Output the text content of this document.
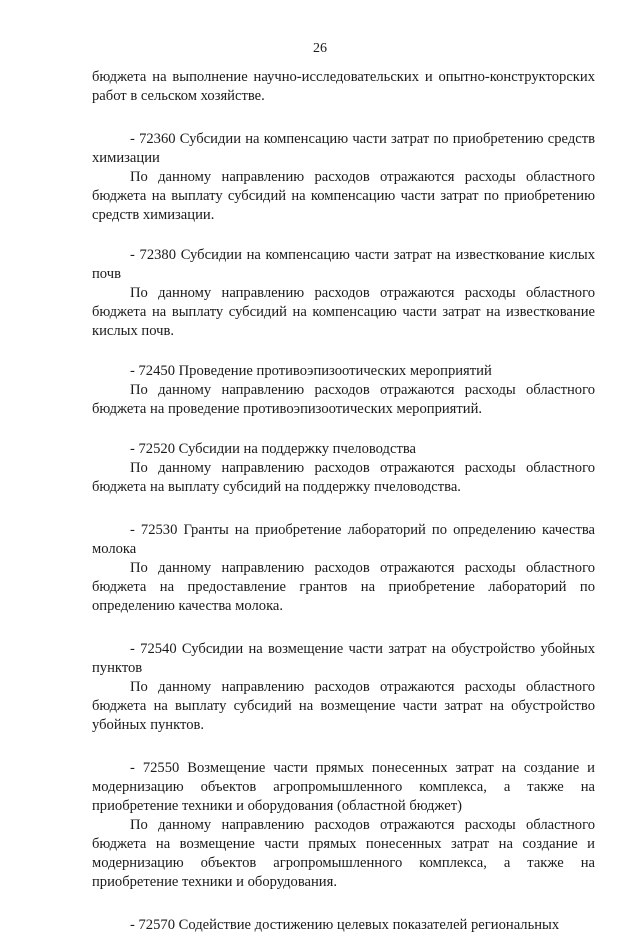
26

бюджета на выполнение научно-исследовательских и опытно-конструкторских работ в сельском хозяйстве.

- 72360 Субсидии на компенсацию части затрат по приобретению средств химизации

По данному направлению расходов отражаются расходы областного бюджета на выплату субсидий на компенсацию части затрат по приобретению средств химизации.

- 72380 Субсидии на компенсацию части затрат на известкование кислых почв

По данному направлению расходов отражаются расходы областного бюджета на выплату субсидий на компенсацию части затрат на известкование кислых почв.

- 72450 Проведение противоэпизоотических мероприятий

По данному направлению расходов отражаются расходы областного бюджета на проведение противоэпизоотических мероприятий.

- 72520 Субсидии на поддержку пчеловодства

По данному направлению расходов отражаются расходы областного бюджета на выплату субсидий на поддержку пчеловодства.

- 72530 Гранты на приобретение лабораторий по определению качества молока

По данному направлению расходов отражаются расходы областного бюджета на предоставление грантов на приобретение лабораторий по определению качества молока.

- 72540 Субсидии на возмещение части затрат на обустройство убойных пунктов

По данному направлению расходов отражаются расходы областного бюджета на выплату субсидий на возмещение части затрат на обустройство убойных пунктов.

- 72550 Возмещение части прямых понесенных затрат на создание и модернизацию объектов агропромышленного комплекса, а также на приобретение техники и оборудования (областной бюджет)

По данному направлению расходов отражаются расходы областного бюджета на возмещение части прямых понесенных затрат на создание и модернизацию объектов агропромышленного комплекса, а также на приобретение техники и оборудования.

- 72570 Содействие достижению целевых показателей региональных
